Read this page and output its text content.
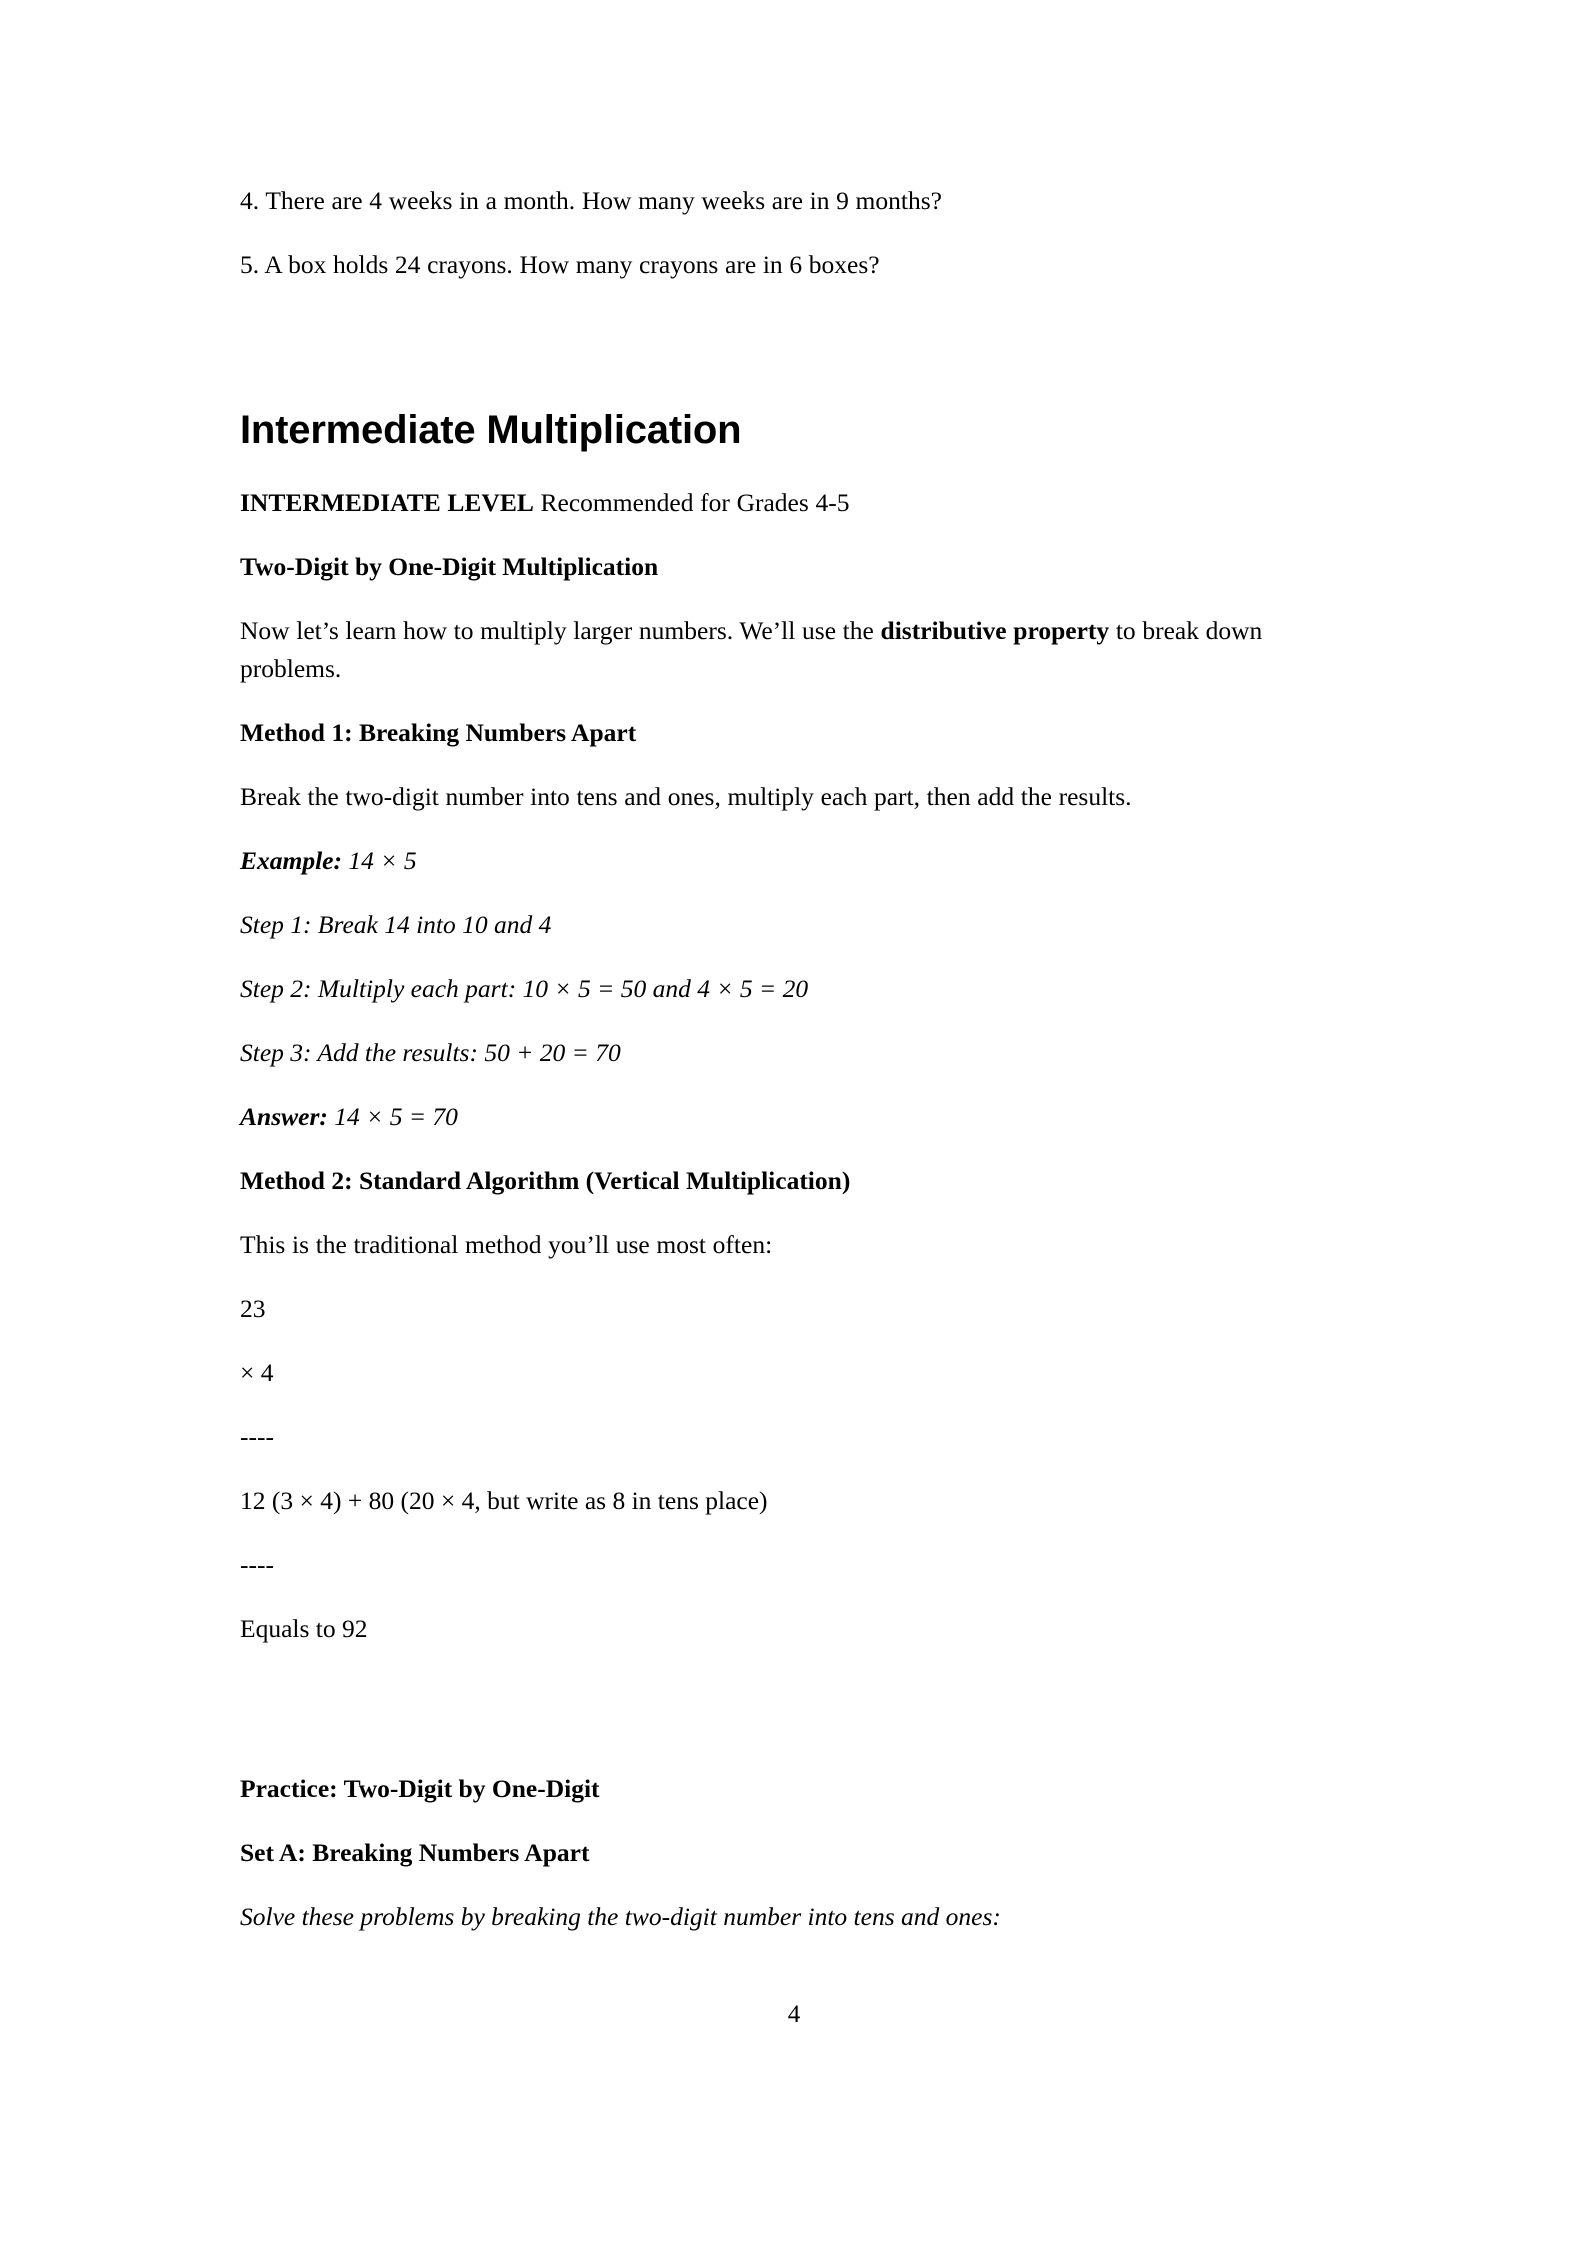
4. There are 4 weeks in a month. How many weeks are in 9 months?

5. A box holds 24 crayons. How many crayons are in 6 boxes?

Intermediate Multiplication

INTERMEDIATE LEVEL Recommended for Grades 4-5

Two-Digit by One-Digit Multiplication

Now let’s learn how to multiply larger numbers. We’ll use the distributive property to break down problems.

Method 1: Breaking Numbers Apart

Break the two-digit number into tens and ones, multiply each part, then add the results.

Example: 14 × 5

Step 1: Break 14 into 10 and 4

Step 2: Multiply each part: 10 × 5 = 50 and 4 × 5 = 20

Step 3: Add the results: 50 + 20 = 70

Answer: 14 × 5 = 70

Method 2: Standard Algorithm (Vertical Multiplication)

This is the traditional method you’ll use most often:

23

× 4

----

12 (3 × 4) + 80 (20 × 4, but write as 8 in tens place)

----

Equals to 92

Practice: Two-Digit by One-Digit
Set A: Breaking Numbers Apart

Solve these problems by breaking the two-digit number into tens and ones:

4
